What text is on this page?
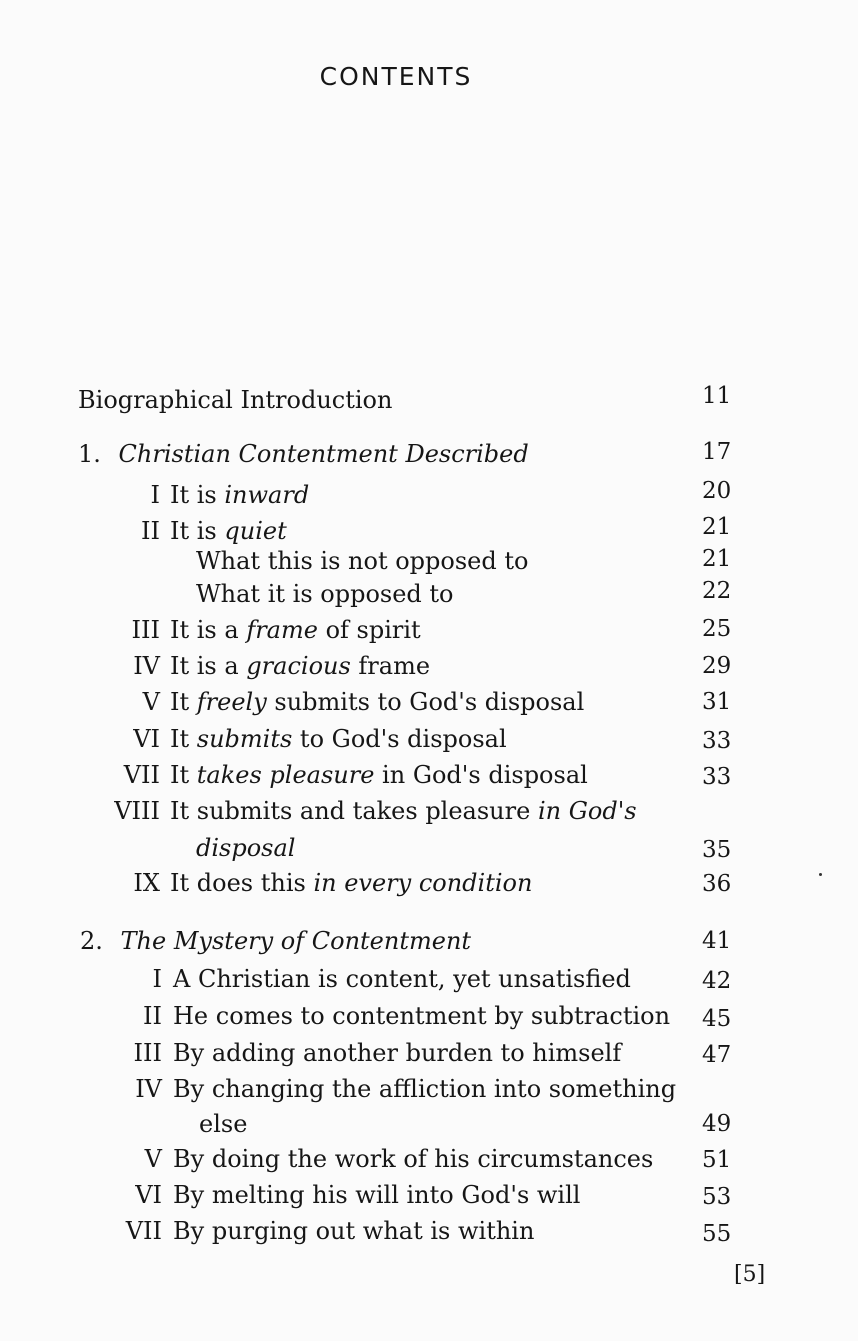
CONTENTS
Biographical Introduction	11
1. Christian Contentment Described	17
I It is inward	20
II It is quiet	21
What this is not opposed to	21
What it is opposed to	22
III It is a frame of spirit	25
IV It is a gracious frame	29
V It freely submits to God's disposal	31
VI It submits to God's disposal	33
VII It takes pleasure in God's disposal	33
VIII It submits and takes pleasure in God's
disposal	35
IX It does this in every condition	36
2. The Mystery of Contentment	41
I A Christian is content, yet unsatisfied	42
II He comes to contentment by subtraction 45
III By adding another burden to himself	47
IV By changing the affliction into something
else	49
V By doing the work of his circumstances 51
VI By melting his will into God's will	53
VII By purging out what is within	55
[5]
